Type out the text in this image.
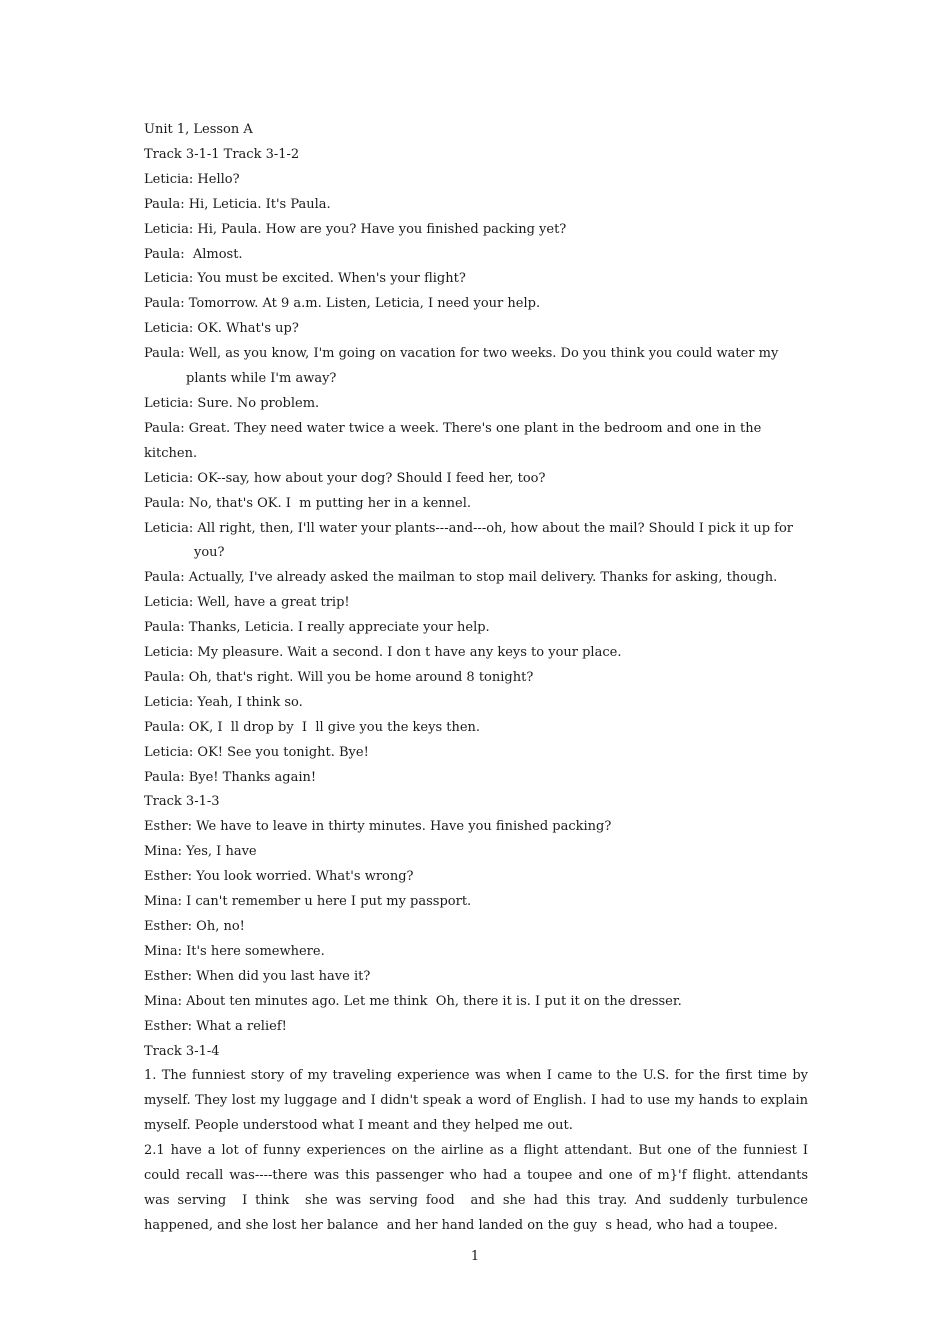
Unit 1, Lesson A
Track 3-1-1 Track 3-1-2
Leticia: Hello?
Paula: Hi, Leticia. It's Paula.
Leticia: Hi, Paula. How are you? Have you finished packing yet?
Paula:  Almost.
Leticia: You must be excited. When's your flight?
Paula: Tomorrow. At 9 a.m. Listen, Leticia, I need your help.
Leticia: OK. What's up?
Paula: Well, as you know, I'm going on vacation for two weeks. Do you think you could water my plants while I'm away?
Leticia: Sure. No problem.
Paula: Great. They need water twice a week. There's one plant in the bedroom and one in the kitchen.
Leticia: OK--say, how about your dog? Should I feed her, too?
Paula: No, that's OK. I  m putting her in a kennel.
Leticia: All right, then, I'll water your plants---and---oh, how about the mail? Should I pick it up for you?
Paula: Actually, I've already asked the mailman to stop mail delivery. Thanks for asking, though.
Leticia: Well, have a great trip!
Paula: Thanks, Leticia. I really appreciate your help.
Leticia: My pleasure. Wait a second. I don t have any keys to your place.
Paula: Oh, that's right. Will you be home around 8 tonight?
Leticia: Yeah, I think so.
Paula: OK, I  ll drop by  I  ll give you the keys then.
Leticia: OK! See you tonight. Bye!
Paula: Bye! Thanks again!
Track 3-1-3
Esther: We have to leave in thirty minutes. Have you finished packing?
Mina: Yes, I have
Esther: You look worried. What's wrong?
Mina: I can't remember u here I put my passport.
Esther: Oh, no!
Mina: It's here somewhere.
Esther: When did you last have it?
Mina: About ten minutes ago. Let me think  Oh, there it is. I put it on the dresser.
Esther: What a relief!
Track 3-1-4
1. The funniest story of my traveling experience was when I came to the U.S. for the first time by myself. They lost my luggage and I didn't speak a word of English. I had to use my hands to explain myself. People understood what I meant and they helped me out.
2.1 have a lot of funny experiences on the airline as a flight attendant. But one of the funniest I could recall was----there was this passenger who had a toupee and one of m}'f flight. attendants was serving  I think  she was serving food  and she had this tray. And suddenly turbulence happened, and she lost her balance  and her hand landed on the guy  s head, who had a toupee.
1
